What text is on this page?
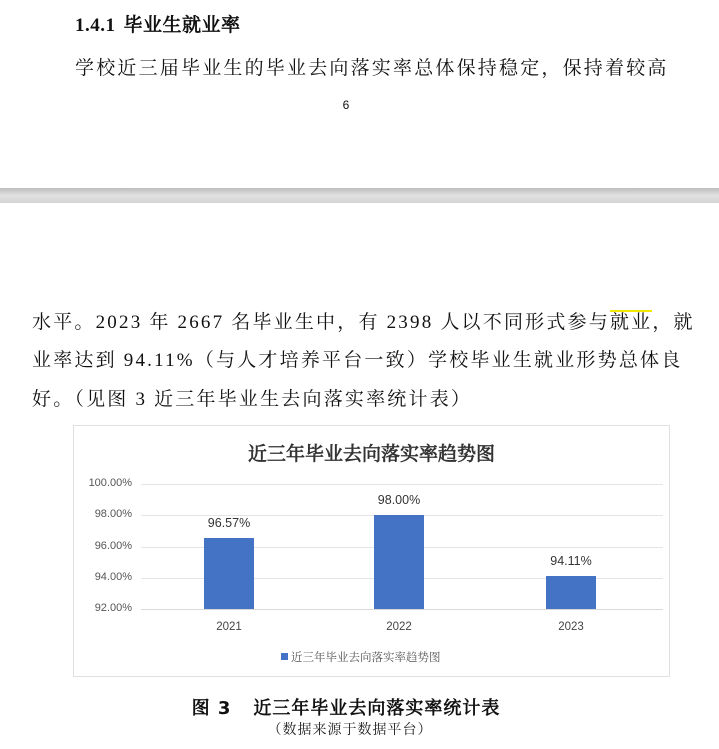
1.4.1 毕业生就业率
学校近三届毕业生的毕业去向落实率总体保持稳定，保持着较高
6
水平。2023 年 2667 名毕业生中，有 2398 人以不同形式参与就业，就
业率达到 94.11%（与人才培养平台一致）学校毕业生就业形势总体良
好。（见图 3 近三年毕业生去向落实率统计表）
近三年毕业去向落实率趋势图
100.00%
98.00%
96.00%
94.00%
92.00%
96.57%
98.00%
94.11%
2021	2022	2023
近三年毕业去向落实率趋势图
图 3 近三年毕业去向落实率统计表
（数据来源于数据平台）
